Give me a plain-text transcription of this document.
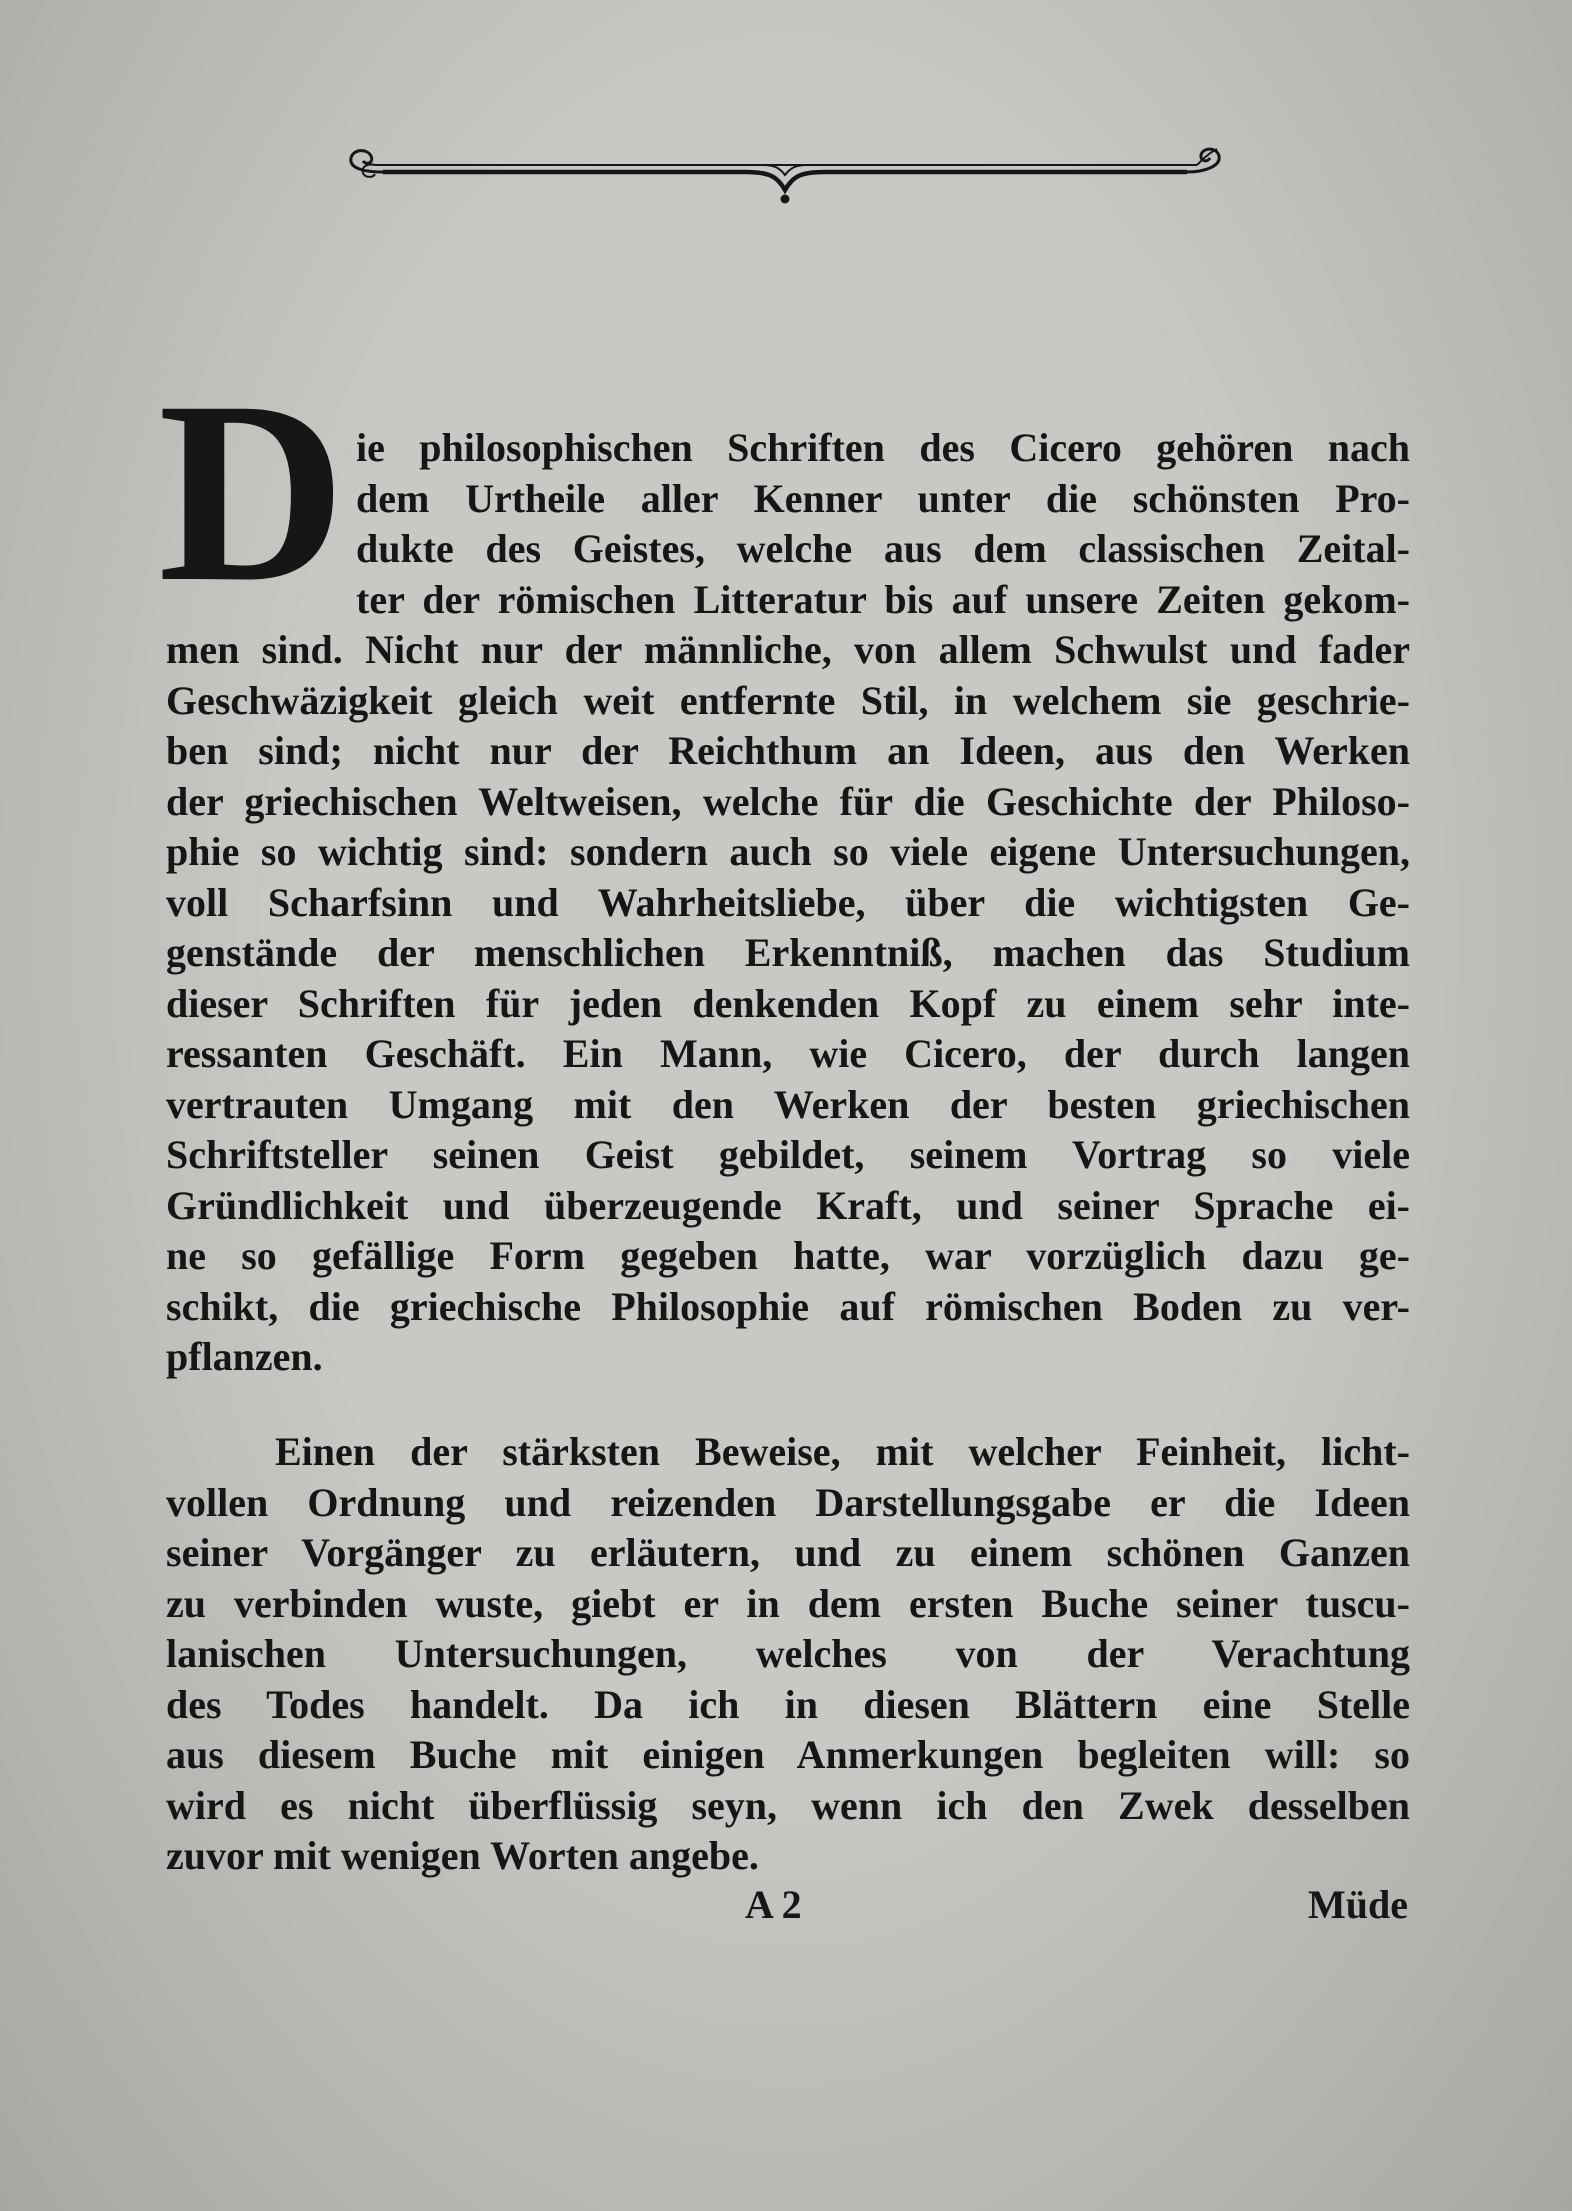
D ie philosophischen Schriften des Cicero gehören nach
dem Urtheile aller Kenner unter die schönsten Pro-
dukte des Geistes, welche aus dem classischen Zeital-
ter der römischen Litteratur bis auf unsere Zeiten gekom-
men sind. Nicht nur der männliche, von allem Schwulst und fader
Geschwäzigkeit gleich weit entfernte Stil, in welchem sie geschrie-
ben sind; nicht nur der Reichthum an Ideen, aus den Werken
der griechischen Weltweisen, welche für die Geschichte der Philoso-
phie so wichtig sind: sondern auch so viele eigene Untersuchungen,
voll Scharfsinn und Wahrheitsliebe, über die wichtigsten Ge-
genstände der menschlichen Erkenntniß, machen das Studium
dieser Schriften für jeden denkenden Kopf zu einem sehr inte-
ressanten Geschäft. Ein Mann, wie Cicero, der durch langen
vertrauten Umgang mit den Werken der besten griechischen
Schriftsteller seinen Geist gebildet, seinem Vortrag so viele
Gründlichkeit und überzeugende Kraft, und seiner Sprache ei-
ne so gefällige Form gegeben hatte, war vorzüglich dazu ge-
schikt, die griechische Philosophie auf römischen Boden zu ver-
pflanzen.
Einen der stärksten Beweise, mit welcher Feinheit, licht-
vollen Ordnung und reizenden Darstellungsgabe er die Ideen
seiner Vorgänger zu erläutern, und zu einem schönen Ganzen
zu verbinden wuste, giebt er in dem ersten Buche seiner tuscu-
lanischen Untersuchungen, welches von der Verachtung
des Todes handelt. Da ich in diesen Blättern eine Stelle
aus diesem Buche mit einigen Anmerkungen begleiten will: so
wird es nicht überflüssig seyn, wenn ich den Zwek desselben
zuvor mit wenigen Worten angebe.
A 2	Müde
